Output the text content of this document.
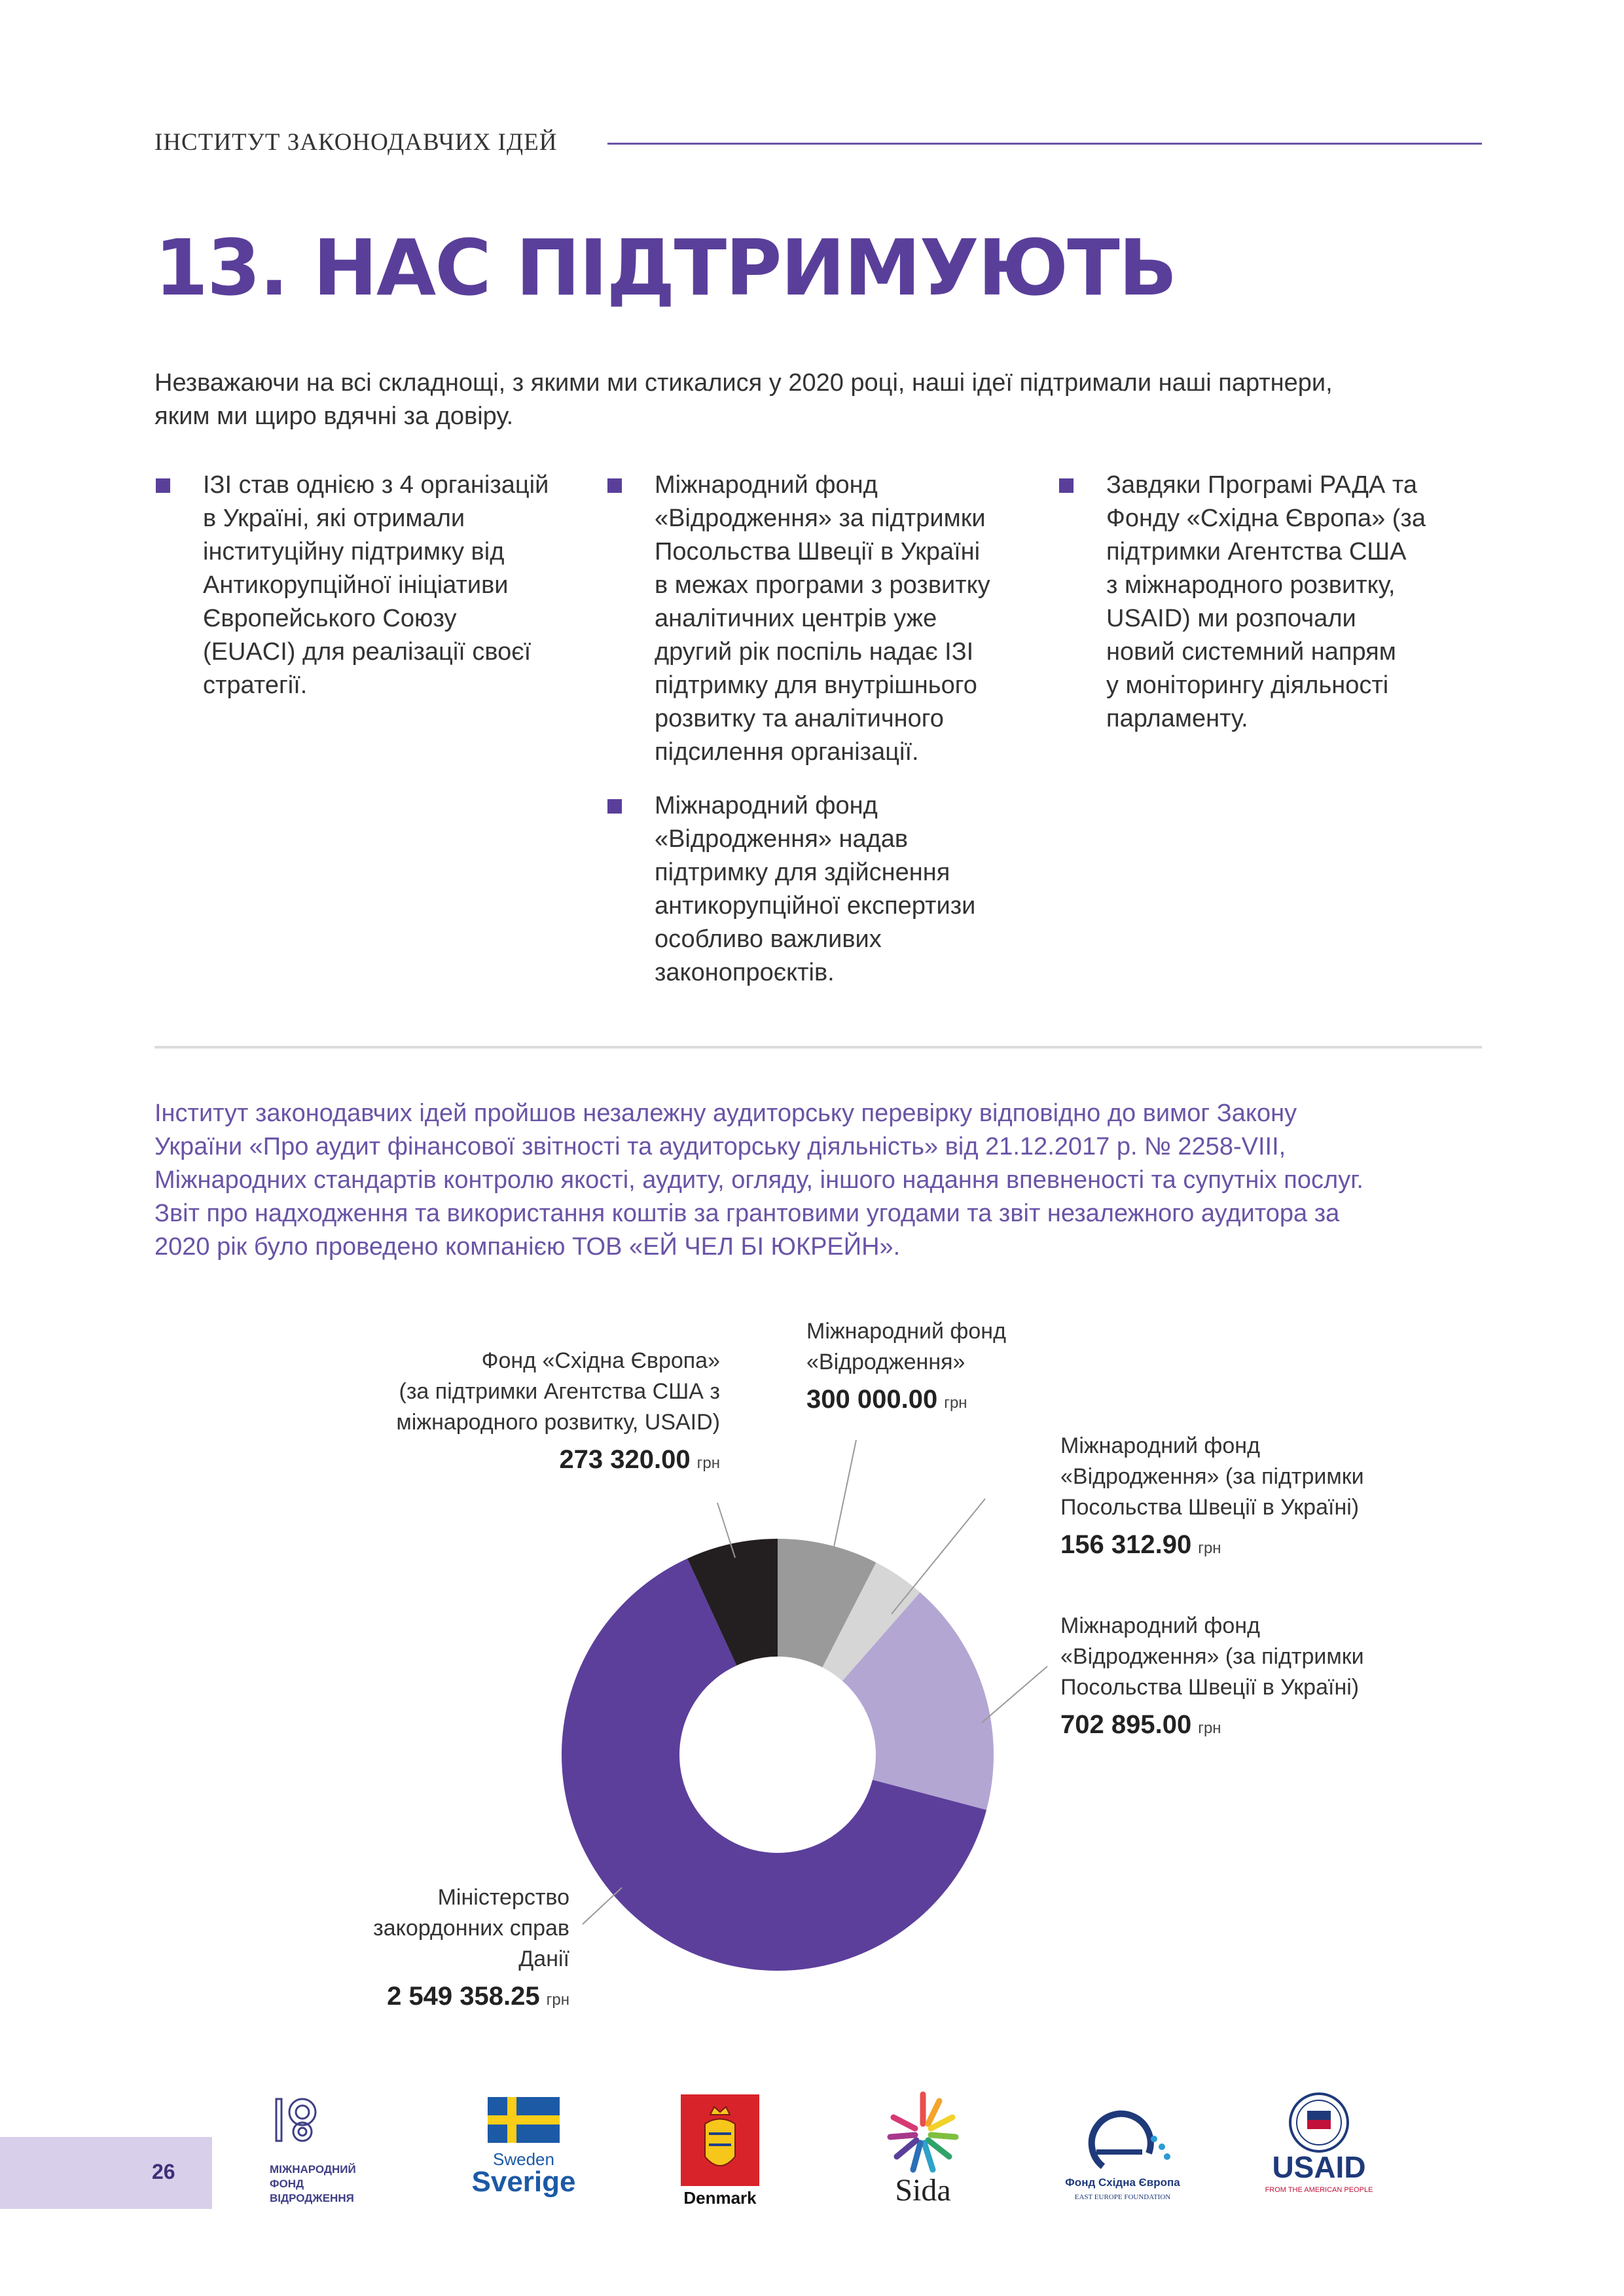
ІНСТИТУТ ЗАКОНОДАВЧИХ ІДЕЙ
13. НАС ПІДТРИМУЮТЬ
Незважаючи на всі складнощі, з якими ми стикалися у 2020 році, наші ідеї підтримали наші партнери,
яким ми щиро вдячні за довіру.
ІЗІ став однією з 4 організацій
в Україні, які отримали
інституційну підтримку від
Антикорупційної ініціативи
Європейського Союзу
(EUACI) для реалізації своєї
стратегії.
Міжнародний фонд
«Відродження» за підтримки
Посольства Швеції в Україні
в межах програми з розвитку
аналітичних центрів уже
другий рік поспіль надає ІЗІ
підтримку для внутрішнього
розвитку та аналітичного
підсилення організації.
Завдяки Програмі РАДА та
Фонду «Східна Європа» (за
підтримки Агентства США
з міжнародного розвитку,
USAID) ми розпочали
новий системний напрям
у моніторингу діяльності
парламенту.
Міжнародний фонд
«Відродження» надав
підтримку для здійснення
антикорупційної експертизи
особливо важливих
законопроєктів.
Інститут законодавчих ідей пройшов незалежну аудиторську перевірку відповідно до вимог Закону
України «Про аудит фінансової звітності та аудиторську діяльність» від 21.12.2017 р. № 2258-VIII,
Міжнародних стандартів контролю якості, аудиту, огляду, іншого надання впевненості та супутніх послуг.
Звіт про надходження та використання коштів за грантовими угодами та звіт незалежного аудитора за
2020 рік було проведено компанією ТОВ «ЕЙ ЧЕЛ БІ ЮКРЕЙН».
Міжнародний фонд
«Відродження»
300 000.00 грн
Міжнародний фонд
«Відродження» (за підтримки
Посольства Швеції в Україні)
156 312.90 грн
Міжнародний фонд
«Відродження» (за підтримки
Посольства Швеції в Україні)
702 895.00 грн
Міністерство
закордонних справ
Данії
2 549 358.25 грн
Фонд «Східна Європа»
(за підтримки Агентства США з
міжнародного розвитку, USAID)
273 320.00 грн
МІЖНАРОДНИЙ
ФОНД
ВІДРОДЖЕННЯ
Sweden
Sverige	Denmark	Sida	Фонд Східна Європа
EAST EUROPE FOUNDATION
USAID
FROM THE AMERICAN PEOPLE
26
